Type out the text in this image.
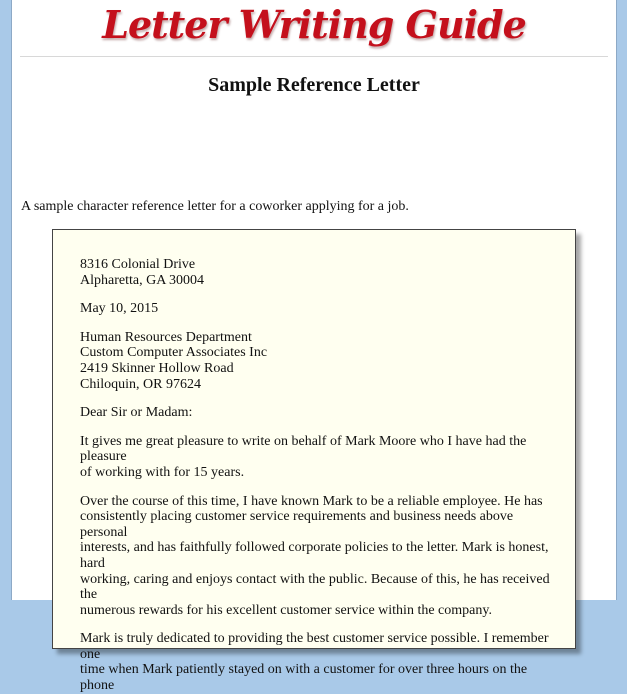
Letter Writing Guide
Sample Reference Letter
A sample character reference letter for a coworker applying for a job.

8316 Colonial Drive
Alpharetta, GA 30004

May 10, 2015

Human Resources Department
Custom Computer Associates Inc
2419 Skinner Hollow Road
Chiloquin, OR 97624

Dear Sir or Madam:

It gives me great pleasure to write on behalf of Mark Moore who I have had the pleasure
of working with for 15 years.

Over the course of this time, I have known Mark to be a reliable employee. He has
consistently placing customer service requirements and business needs above personal
interests, and has faithfully followed corporate policies to the letter. Mark is honest, hard
working, caring and enjoys contact with the public. Because of this, he has received the
numerous rewards for his excellent customer service within the company.

Mark is truly dedicated to providing the best customer service possible. I remember one
time when Mark patiently stayed on with a customer for over three hours on the phone
